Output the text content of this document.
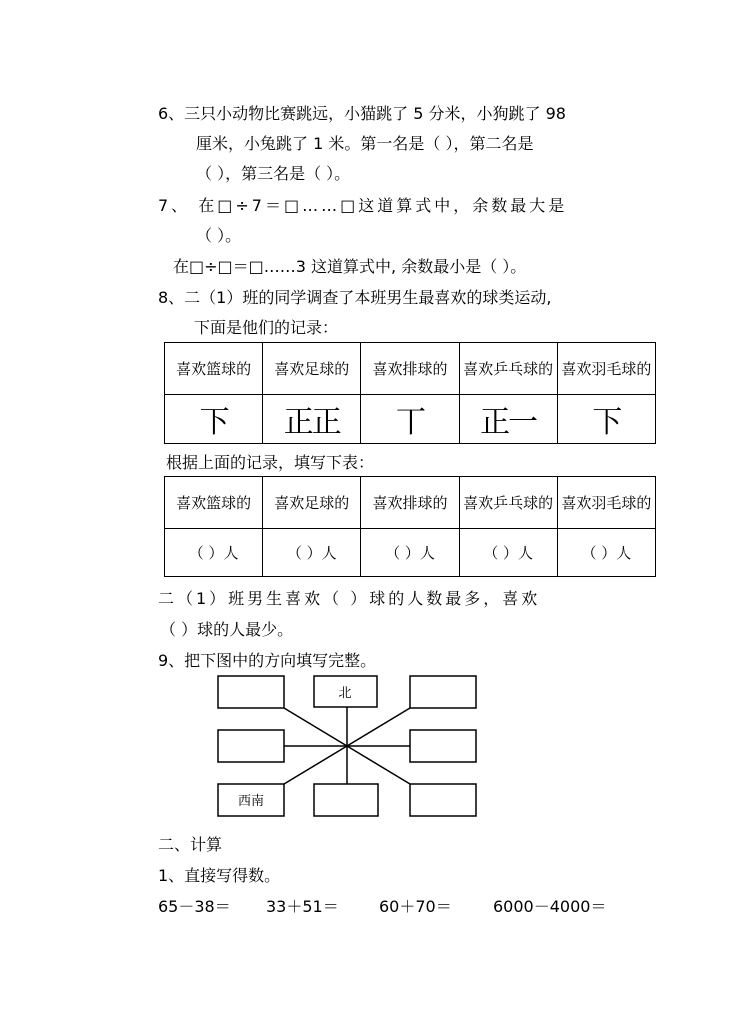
6、三只小动物比赛跳远，小猫跳了 5 分米，小狗跳了 98
厘米，小兔跳了 1 米。第一名是（ ），第二名是
（ ），第三名是（ ）。
7、 在□÷7＝□……□这道算式中，余数最大是
（ ）。
在□÷□＝□……3 这道算式中, 余数最小是（ ）。
8、二（1）班的同学调查了本班男生最喜欢的球类运动,
下面是他们的记录：
喜欢篮球的	喜欢足球的	喜欢排球的	喜欢乒乓球的	喜欢羽毛球的
下	正正	丅	正一	下
根据上面的记录，填写下表：
喜欢篮球的	喜欢足球的	喜欢排球的	喜欢乒乓球的	喜欢羽毛球的
（ ）人	（ ）人	（ ）人	（ ）人	（ ）人
二（1）班男生喜欢（ ）球的人数最多，喜欢
（ ）球的人最少。
9、把下图中的方向填写完整。
北
西南
二、计算
1、直接写得数。
65－38＝ 33＋51＝	60＋70＝	6000－4000＝
